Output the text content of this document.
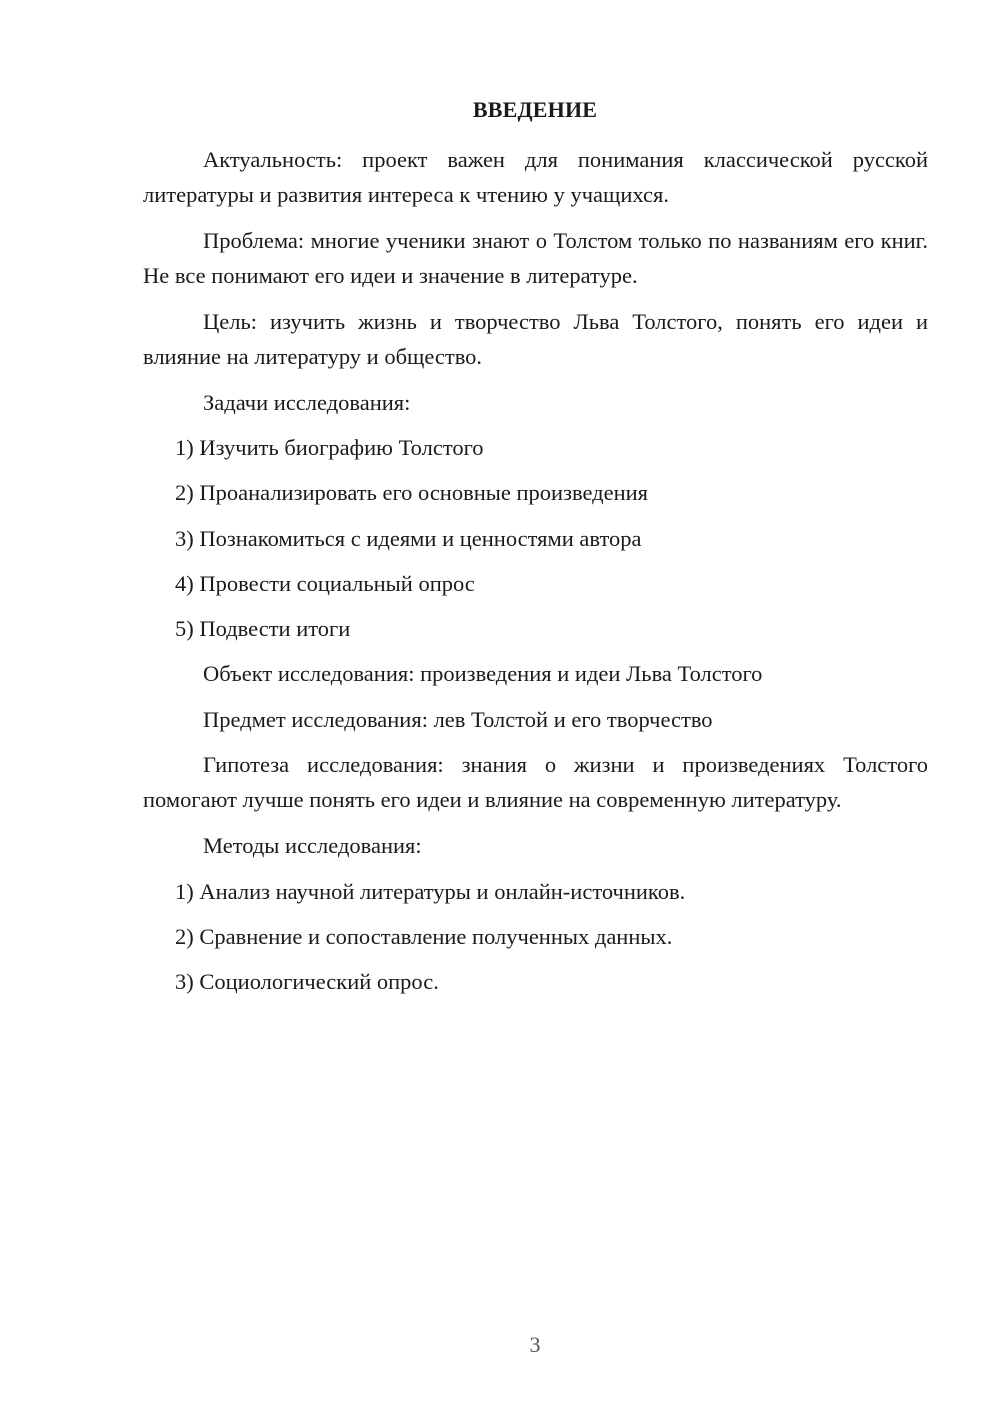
ВВЕДЕНИЕ

Актуальность: проект важен для понимания классической русской литературы и развития интереса к чтению у учащихся.

Проблема: многие ученики знают о Толстом только по названиям его книг. Не все понимают его идеи и значение в литературе.

Цель: изучить жизнь и творчество Льва Толстого, понять его идеи и влияние на литературу и общество.

Задачи исследования:

1) Изучить биографию Толстого

2) Проанализировать его основные произведения

3) Познакомиться с идеями и ценностями автора

4) Провести социальный опрос

5) Подвести итоги

Объект исследования: произведения и идеи Льва Толстого

Предмет исследования: лев Толстой и его творчество

Гипотеза исследования: знания о жизни и произведениях Толстого помогают лучше понять его идеи и влияние на современную литературу.

Методы исследования:

1) Анализ научной литературы и онлайн-источников.

2) Сравнение и сопоставление полученных данных.

3) Социологический опрос.

3
